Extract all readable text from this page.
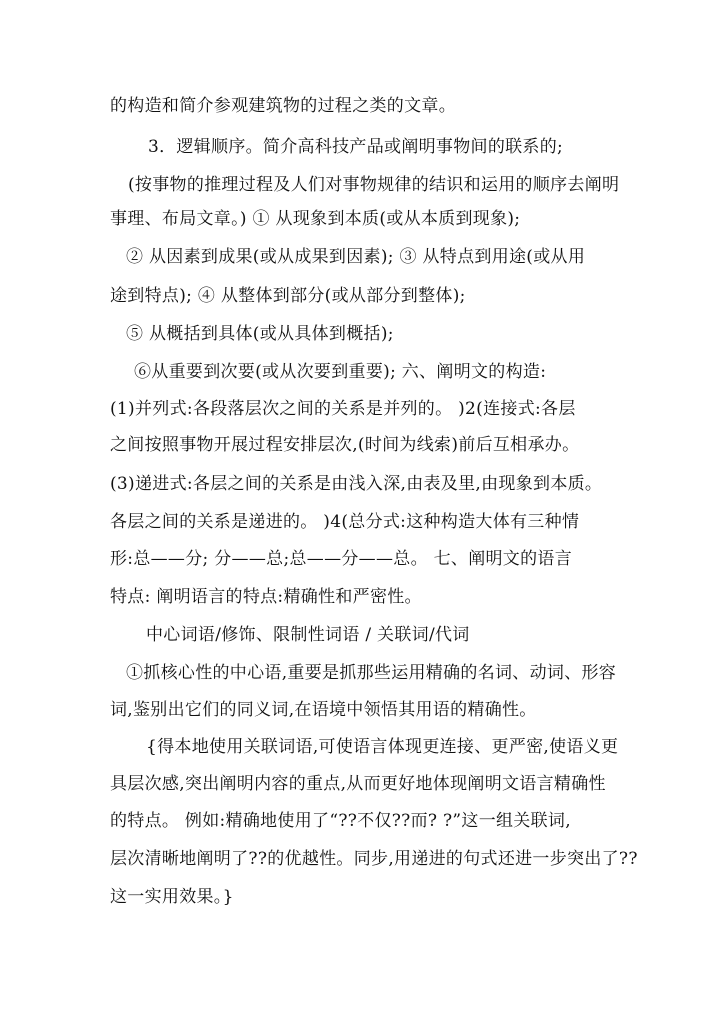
的构造和简介参观建筑物的过程之类的文章。
3．逻辑顺序。简介高科技产品或阐明事物间的联系的;
(按事物的推理过程及人们对事物规律的结识和运用的顺序去阐明
事理、布局文章。) ① 从现象到本质(或从本质到现象);
② 从因素到成果(或从成果到因素); ③ 从特点到用途(或从用
途到特点); ④ 从整体到部分(或从部分到整体);
⑤ 从概括到具体(或从具体到概括);
⑥从重要到次要(或从次要到重要); 六、阐明文的构造:
(1)并列式:各段落层次之间的关系是并列的。 )2(连接式:各层
之间按照事物开展过程安排层次,(时间为线索)前后互相承办。
(3)递进式:各层之间的关系是由浅入深,由表及里,由现象到本质。
各层之间的关系是递进的。 )4(总分式:这种构造大体有三种情
形:总——分; 分——总;总——分——总。 七、阐明文的语言
特点: 阐明语言的特点:精确性和严密性。
中心词语/修饰、限制性词语 / 关联词/代词
①抓核心性的中心语,重要是抓那些运用精确的名词、动词、形容
词,鉴别出它们的同义词,在语境中领悟其用语的精确性。
{得本地使用关联词语,可使语言体现更连接、更严密,使语义更
具层次感,突出阐明内容的重点,从而更好地体现阐明文语言精确性
的特点。 例如:精确地使用了“??不仅??而? ?”这一组关联词,
层次清晰地阐明了??的优越性。同步,用递进的句式还进一步突出了??
这一实用效果。}
